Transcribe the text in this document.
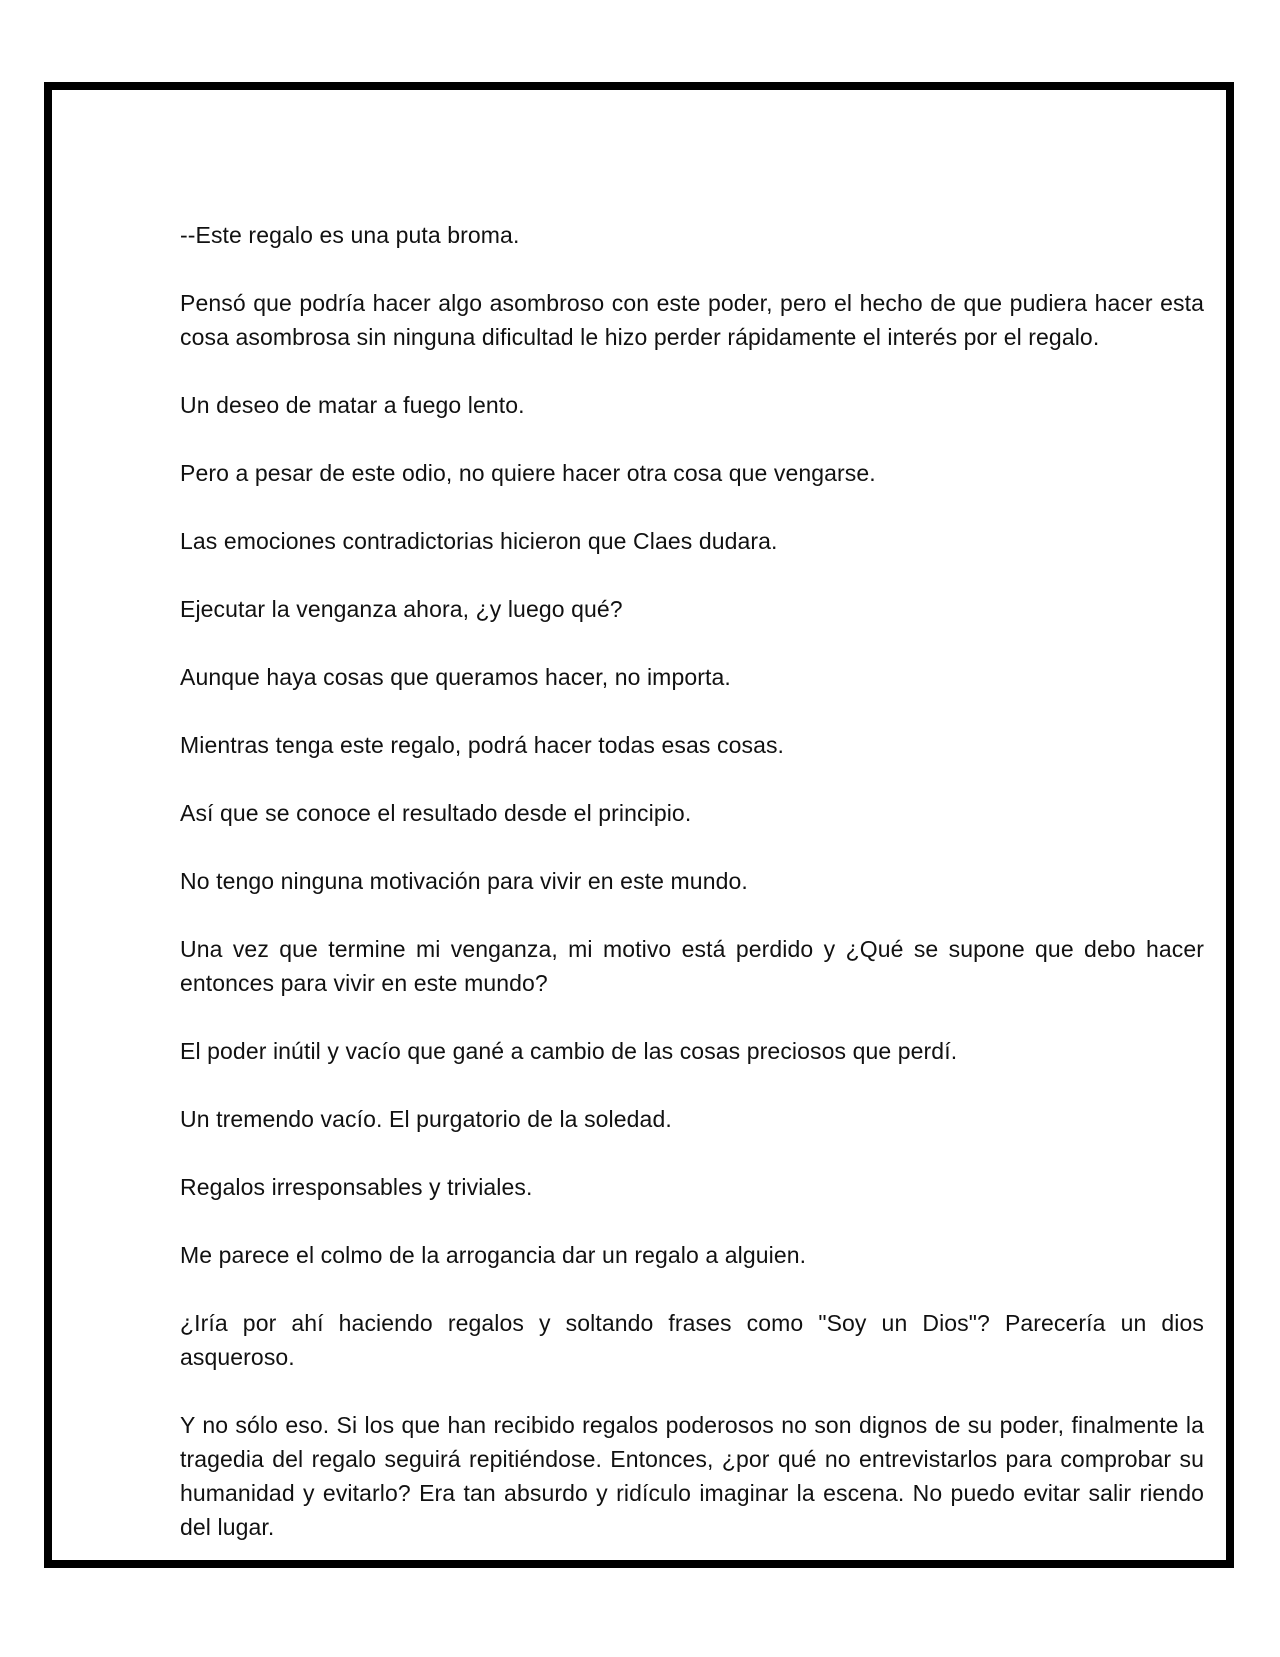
--Este regalo es una puta broma.

Pensó que podría hacer algo asombroso con este poder, pero el hecho de que pudiera hacer esta cosa asombrosa sin ninguna dificultad le hizo perder rápidamente el interés por el regalo.

Un deseo de matar a fuego lento.

Pero a pesar de este odio, no quiere hacer otra cosa que vengarse.

Las emociones contradictorias hicieron que Claes dudara.

Ejecutar la venganza ahora, ¿y luego qué?

Aunque haya cosas que queramos hacer, no importa.

Mientras tenga este regalo, podrá hacer todas esas cosas.

Así que se conoce el resultado desde el principio.

No tengo ninguna motivación para vivir en este mundo.

Una vez que termine mi venganza, mi motivo está perdido y ¿Qué se supone que debo hacer entonces para vivir en este mundo?

El poder inútil y vacío que gané a cambio de las cosas preciosos que perdí.

Un tremendo vacío. El purgatorio de la soledad.

Regalos irresponsables y triviales.

Me parece el colmo de la arrogancia dar un regalo a alguien.

¿Iría por ahí haciendo regalos y soltando frases como "Soy un Dios"? Parecería un dios asqueroso.

Y no sólo eso. Si los que han recibido regalos poderosos no son dignos de su poder, finalmente la tragedia del regalo seguirá repitiéndose. Entonces, ¿por qué no entrevistarlos para comprobar su humanidad y evitarlo? Era tan absurdo y ridículo imaginar la escena. No puedo evitar salir riendo del lugar.
